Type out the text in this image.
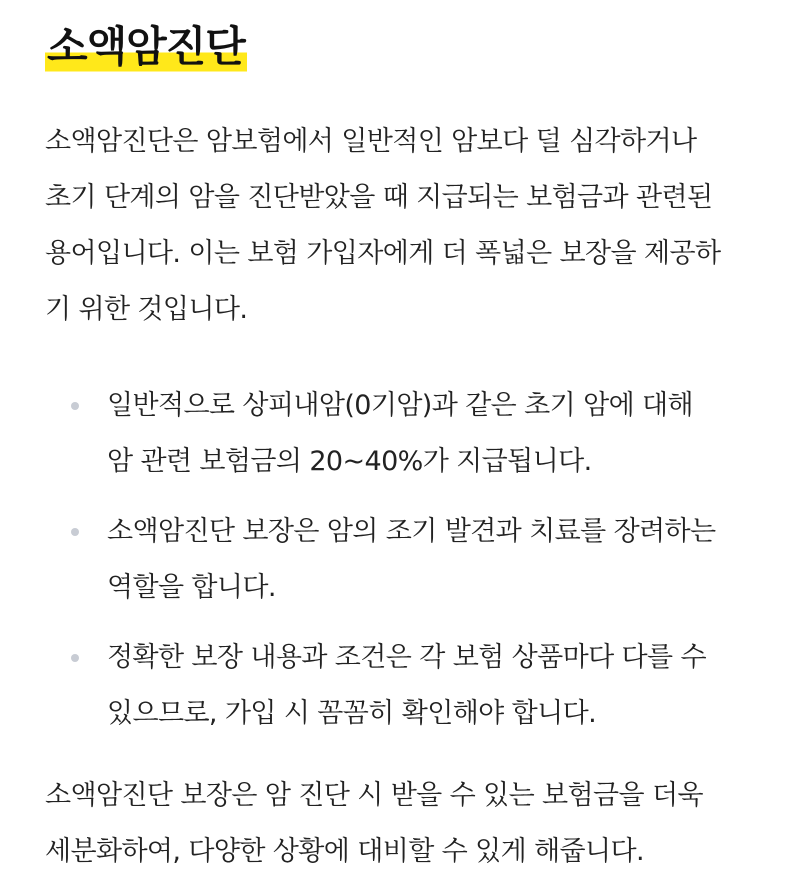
소액암진단

소액암진단은 암보험에서 일반적인 암보다 덜 심각하거나
초기 단계의 암을 진단받았을 때 지급되는 보험금과 관련된
용어입니다. 이는 보험 가입자에게 더 폭넓은 보장을 제공하
기 위한 것입니다.

일반적으로 상피내암(0기암)과 같은 초기 암에 대해
암 관련 보험금의 20~40%가 지급됩니다.
소액암진단 보장은 암의 조기 발견과 치료를 장려하는
역할을 합니다.
정확한 보장 내용과 조건은 각 보험 상품마다 다를 수
있으므로, 가입 시 꼼꼼히 확인해야 합니다.

소액암진단 보장은 암 진단 시 받을 수 있는 보험금을 더욱
세분화하여, 다양한 상황에 대비할 수 있게 해줍니다.
